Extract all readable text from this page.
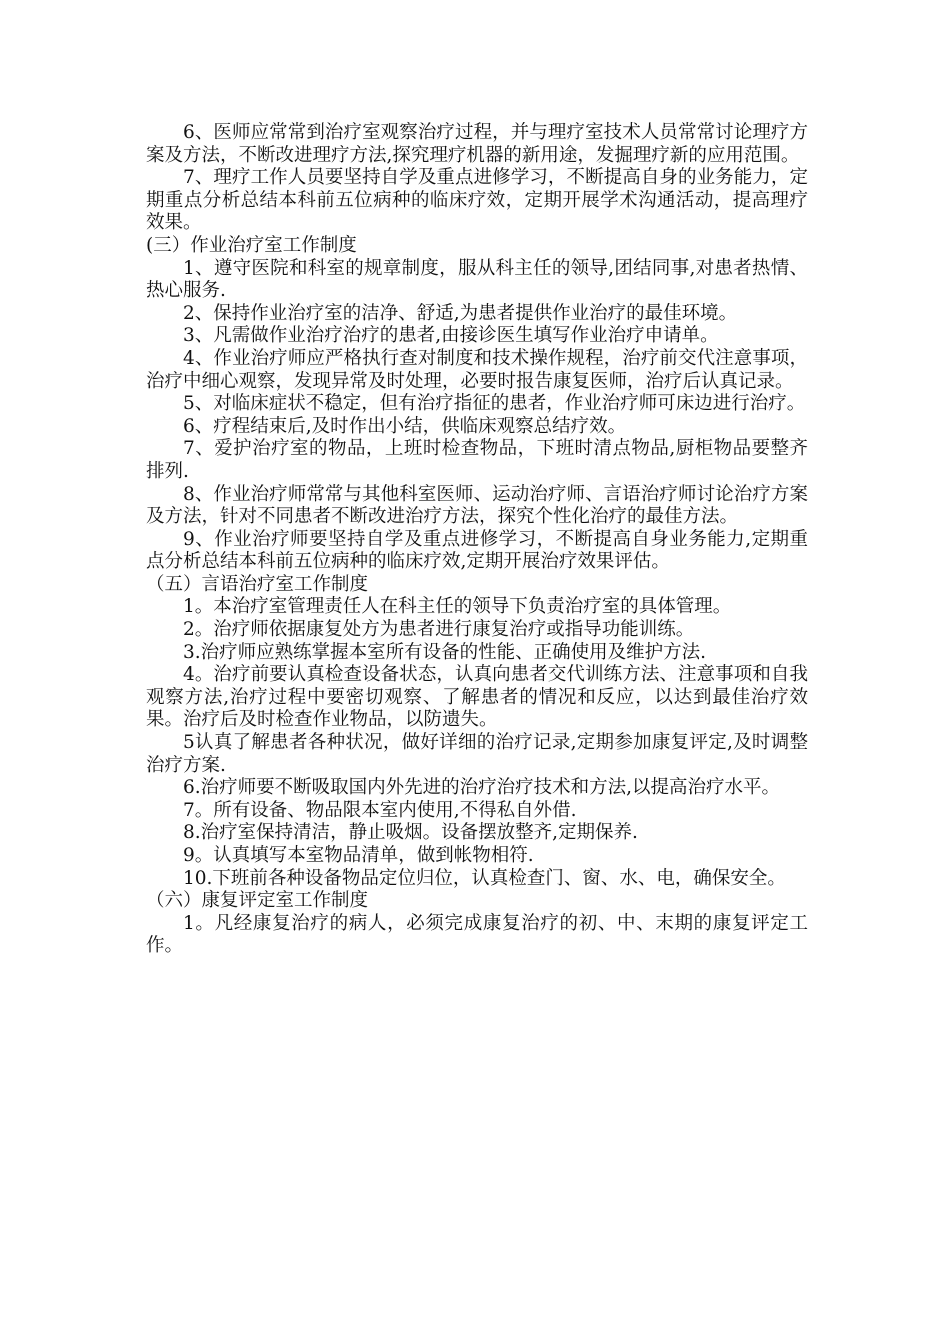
6、医师应常常到治疗室观察治疗过程，并与理疗室技术人员常常讨论理疗方案及方法，不断改进理疗方法,探究理疗机器的新用途，发掘理疗新的应用范围。

7、理疗工作人员要坚持自学及重点进修学习，不断提高自身的业务能力，定期重点分析总结本科前五位病种的临床疗效，定期开展学术沟通活动，提高理疗效果。

(三）作业治疗室工作制度

1、遵守医院和科室的规章制度，服从科主任的领导,团结同事,对患者热情、热心服务.

2、保持作业治疗室的洁净、舒适,为患者提供作业治疗的最佳环境。

3、凡需做作业治疗治疗的患者,由接诊医生填写作业治疗申请单。

4、作业治疗师应严格执行查对制度和技术操作规程，治疗前交代注意事项，治疗中细心观察，发现异常及时处理，必要时报告康复医师，治疗后认真记录。

5、对临床症状不稳定，但有治疗指征的患者，作业治疗师可床边进行治疗。

6、疗程结束后,及时作出小结，供临床观察总结疗效。

7、爱护治疗室的物品，上班时检查物品，下班时清点物品,厨柜物品要整齐排列.

8、作业治疗师常常与其他科室医师、运动治疗师、言语治疗师讨论治疗方案及方法，针对不同患者不断改进治疗方法，探究个性化治疗的最佳方法。

9、作业治疗师要坚持自学及重点进修学习，不断提高自身业务能力,定期重点分析总结本科前五位病种的临床疗效,定期开展治疗效果评估。

（五）言语治疗室工作制度

1。本治疗室管理责任人在科主任的领导下负责治疗室的具体管理。

2。治疗师依据康复处方为患者进行康复治疗或指导功能训练。

3.治疗师应熟练掌握本室所有设备的性能、正确使用及维护方法.

4。治疗前要认真检查设备状态，认真向患者交代训练方法、注意事项和自我观察方法,治疗过程中要密切观察、了解患者的情况和反应，以达到最佳治疗效果。治疗后及时检查作业物品，以防遗失。

5认真了解患者各种状况，做好详细的治疗记录,定期参加康复评定,及时调整治疗方案.

6.治疗师要不断吸取国内外先进的治疗治疗技术和方法,以提高治疗水平。

7。所有设备、物品限本室内使用,不得私自外借.

8.治疗室保持清洁，静止吸烟。设备摆放整齐,定期保养.

9。认真填写本室物品清单，做到帐物相符.

10.下班前各种设备物品定位归位，认真检查门、窗、水、电，确保安全。

（六）康复评定室工作制度

1。凡经康复治疗的病人，必须完成康复治疗的初、中、末期的康复评定工作。
